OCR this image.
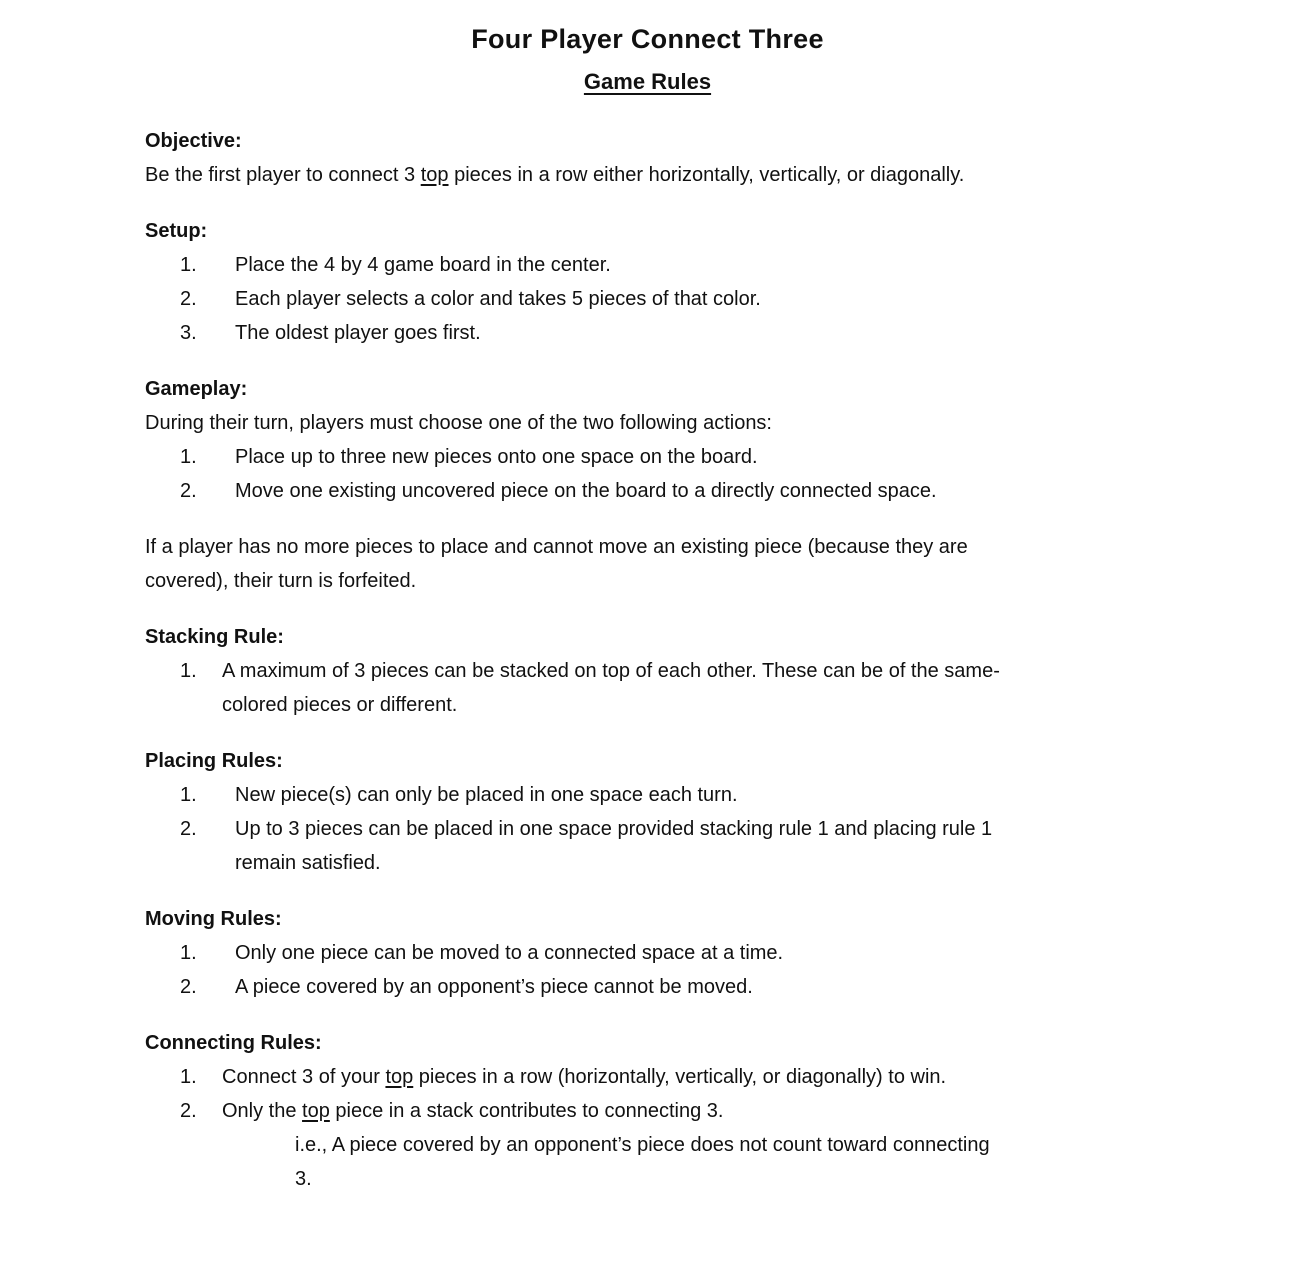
Four Player Connect Three
Game Rules

Objective:

Be the first player to connect 3 top pieces in a row either horizontally, vertically, or diagonally.

Setup:

1.	Place the 4 by 4 game board in the center.
2.	Each player selects a color and takes 5 pieces of that color.
3.	The oldest player goes first.

Gameplay:

During their turn, players must choose one of the two following actions:

1.	Place up to three new pieces onto one space on the board.
2.	Move one existing uncovered piece on the board to a directly connected space.

If a player has no more pieces to place and cannot move an existing piece (because they are covered), their turn is forfeited.

Stacking Rule:

1.	A maximum of 3 pieces can be stacked on top of each other. These can be of the same-colored pieces or different.

Placing Rules:

1.	New piece(s) can only be placed in one space each turn.
2.	Up to 3 pieces can be placed in one space provided stacking rule 1 and placing rule 1 remain satisfied.

Moving Rules:

1.	Only one piece can be moved to a connected space at a time.
2.	A piece covered by an opponent’s piece cannot be moved.

Connecting Rules:

1.	Connect 3 of your top pieces in a row (horizontally, vertically, or diagonally) to win.
2.	Only the top piece in a stack contributes to connecting 3.
i.e., A piece covered by an opponent’s piece does not count toward connecting 3.
